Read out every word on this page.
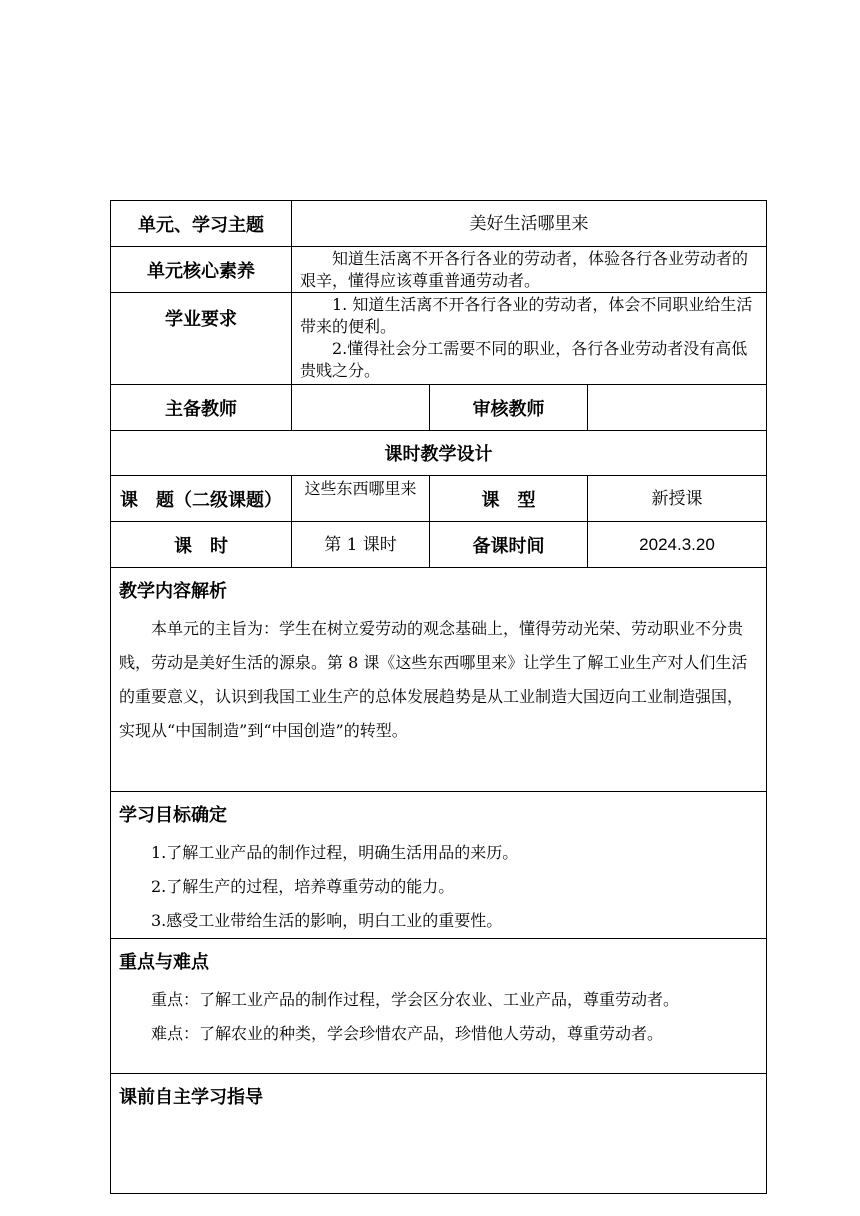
单元、学习主题	美好生活哪里来		
单元核心素养	知道生活离不开各行各业的劳动者，体验各行各业劳动者的艰辛，懂得应该尊重普通劳动者。		

学业要求	1. 知道生活离不开各行各业的劳动者，体会不同职业给生活带来的便利。

2.懂得社会分工需要不同的职业，各行各业劳动者没有高低贵贱之分。		

主备教师		审核教师	
课时教学设计			
课　题（二级课题）	这些东西哪里来	课　型	新授课
课　时	第 1 课时	备课时间	2024.3.20

教学内容解析

本单元的主旨为：学生在树立爱劳动的观念基础上，懂得劳动光荣、劳动职业不分贵贱，劳动是美好生活的源泉。第 8 课《这些东西哪里来》让学生了解工业生产对人们生活的重要意义，认识到我国工业生产的总体发展趋势是从工业制造大国迈向工业制造强国，实现从“中国制造”到“中国创造”的转型。			

学习目标确定

1.了解工业产品的制作过程，明确生活用品的来历。

2.了解生产的过程，培养尊重劳动的能力。

3.感受工业带给生活的影响，明白工业的重要性。			

重点与难点

重点：了解工业产品的制作过程，学会区分农业、工业产品，尊重劳动者。

难点：了解农业的种类，学会珍惜农产品，珍惜他人劳动，尊重劳动者。			

课前自主学习指导			
